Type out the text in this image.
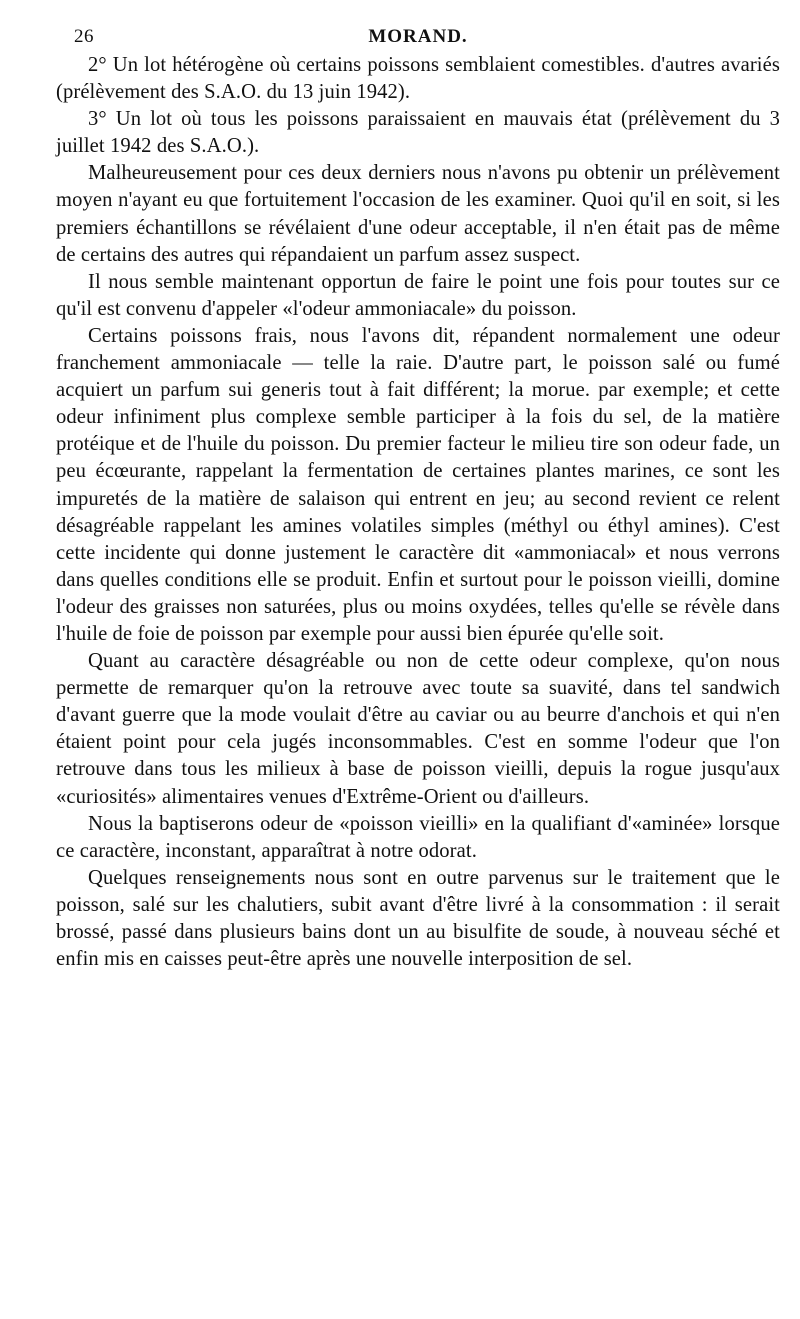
26	MORAND.

2° Un lot hétérogène où certains poissons semblaient comestibles. d'autres avariés (prélèvement des S.A.O. du 13 juin 1942).

3° Un lot où tous les poissons paraissaient en mauvais état (prélèvement du 3 juillet 1942 des S.A.O.).

Malheureusement pour ces deux derniers nous n'avons pu obtenir un prélèvement moyen n'ayant eu que fortuitement l'occasion de les examiner. Quoi qu'il en soit, si les premiers échantillons se révélaient d'une odeur acceptable, il n'en était pas de même de certains des autres qui répandaient un parfum assez suspect.

Il nous semble maintenant opportun de faire le point une fois pour toutes sur ce qu'il est convenu d'appeler «l'odeur ammoniacale» du poisson.

Certains poissons frais, nous l'avons dit, répandent normalement une odeur franchement ammoniacale — telle la raie. D'autre part, le poisson salé ou fumé acquiert un parfum sui generis tout à fait différent; la morue. par exemple; et cette odeur infiniment plus complexe semble participer à la fois du sel, de la matière protéique et de l'huile du poisson. Du premier facteur le milieu tire son odeur fade, un peu écœurante, rappelant la fermentation de certaines plantes marines, ce sont les impuretés de la matière de salaison qui entrent en jeu; au second revient ce relent désagréable rappelant les amines volatiles simples (méthyl ou éthyl amines). C'est cette incidente qui donne justement le caractère dit «ammoniacal» et nous verrons dans quelles conditions elle se produit. Enfin et surtout pour le poisson vieilli, domine l'odeur des graisses non saturées, plus ou moins oxydées, telles qu'elle se révèle dans l'huile de foie de poisson par exemple pour aussi bien épurée qu'elle soit.

Quant au caractère désagréable ou non de cette odeur complexe, qu'on nous permette de remarquer qu'on la retrouve avec toute sa suavité, dans tel sandwich d'avant guerre que la mode voulait d'être au caviar ou au beurre d'anchois et qui n'en étaient point pour cela jugés inconsommables. C'est en somme l'odeur que l'on retrouve dans tous les milieux à base de poisson vieilli, depuis la rogue jusqu'aux «curiosités» alimentaires venues d'Extrême-Orient ou d'ailleurs.

Nous la baptiserons odeur de «poisson vieilli» en la qualifiant d'«aminée» lorsque ce caractère, inconstant, apparaîtrat à notre odorat.

Quelques renseignements nous sont en outre parvenus sur le traitement que le poisson, salé sur les chalutiers, subit avant d'être livré à la consommation : il serait brossé, passé dans plusieurs bains dont un au bisulfite de soude, à nouveau séché et enfin mis en caisses peut-être après une nouvelle interposition de sel.
